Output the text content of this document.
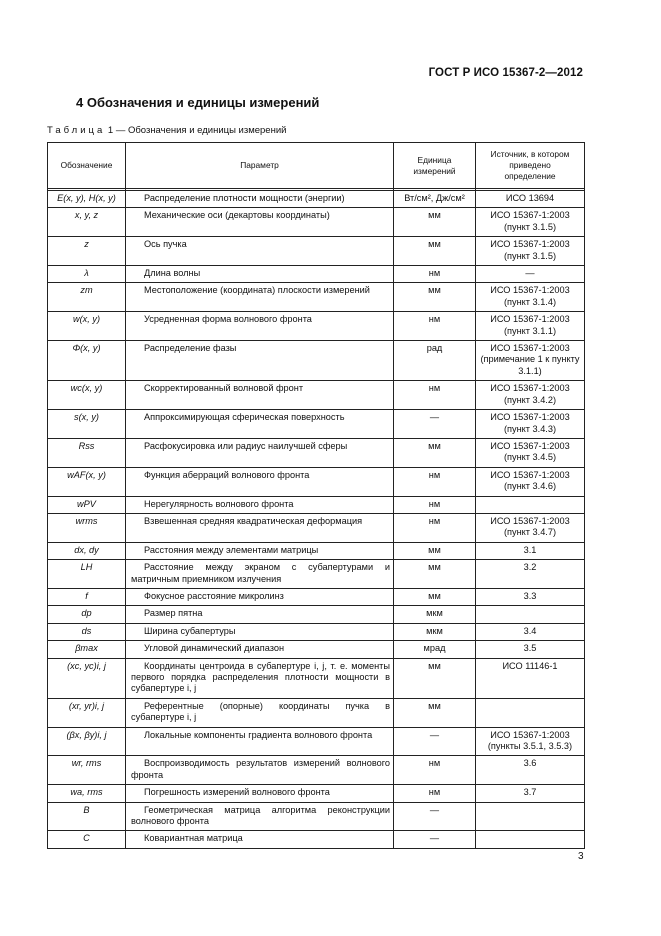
ГОСТ Р ИСО 15367-2—2012
4 Обозначения и единицы измерений
Таблица 1 — Обозначения и единицы измерений
Обозначение	Параметр	Единица измерений	Источник, в котором приведено определение

E(x, y), H(x, y)	Распределение плотности мощности (энергии)	Вт/см², Дж/см²	ИСО 13694
x, y, z	Механические оси (декартовы координаты)	мм	ИСО 15367-1:2003 (пункт 3.1.5)
z	Ось пучка	мм	ИСО 15367-1:2003 (пункт 3.1.5)
λ	Длина волны	нм	—
zm	Местоположение (координата) плоскости измерений	мм	ИСО 15367-1:2003 (пункт 3.1.4)
w(x, y)	Усредненная форма волнового фронта	нм	ИСО 15367-1:2003 (пункт 3.1.1)
Φ(x, y)	Распределение фазы	рад	ИСО 15367-1:2003 (примечание 1 к пункту 3.1.1)
wc(x, y)	Скорректированный волновой фронт	нм	ИСО 15367-1:2003 (пункт 3.4.2)
s(x, y)	Аппроксимирующая сферическая поверхность	—	ИСО 15367-1:2003 (пункт 3.4.3)
Rss	Расфокусировка или радиус наилучшей сферы	мм	ИСО 15367-1:2003 (пункт 3.4.5)
wAF(x, y)	Функция аберраций волнового фронта	нм	ИСО 15367-1:2003 (пункт 3.4.6)
wPV	Нерегулярность волнового фронта	нм	
wrms	Взвешенная средняя квадратическая деформация	нм	ИСО 15367-1:2003 (пункт 3.4.7)
dx, dy	Расстояния между элементами матрицы	мм	3.1
LH	Расстояние между экраном с субапертурами и матричным приемником излучения	мм	3.2
f	Фокусное расстояние микролинз	мм	3.3
dp	Размер пятна	мкм	
ds	Ширина субапертуры	мкм	3.4
βmax	Угловой динамический диапазон	мрад	3.5
(xc, yc)i, j	Координаты центроида в субапертуре i, j, т. е. моменты первого порядка распределения плотности мощности в субапертуре i, j	мм	ИСО 11146-1
(xr, yr)i, j	Референтные (опорные) координаты пучка в субапертуре i, j	мм	
(βx, βy)i, j	Локальные компоненты градиента волнового фронта	—	ИСО 15367-1:2003 (пункты 3.5.1, 3.5.3)
wr, rms	Воспроизводимость результатов измерений волнового фронта	нм	3.6
wa, rms	Погрешность измерений волнового фронта	нм	3.7
B	Геометрическая матрица алгоритма реконструкции волнового фронта	—	
C	Ковариантная матрица	—	
3
